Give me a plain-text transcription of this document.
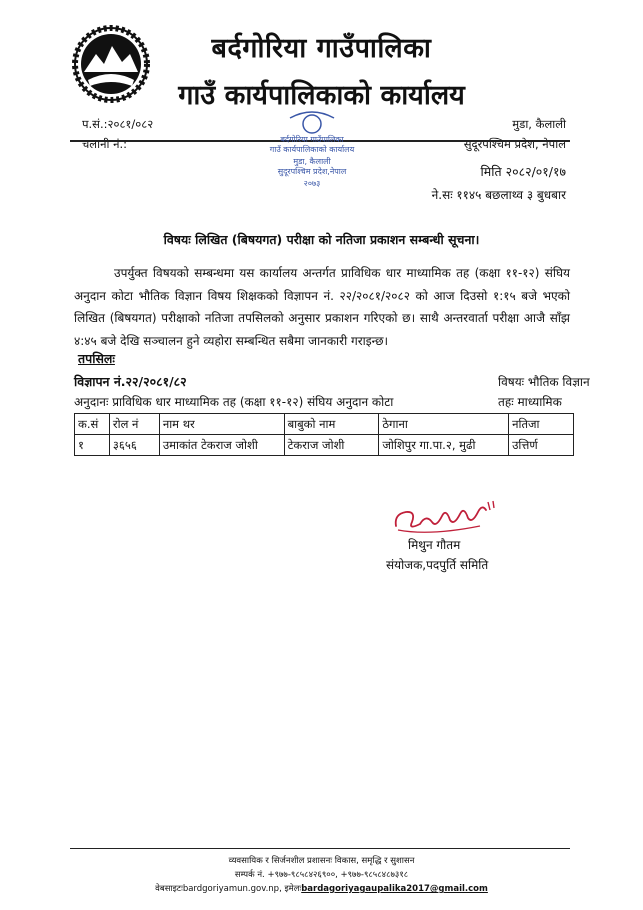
बर्दगोरिया गाउँपालिका
गाउँ कार्यपालिकाको कार्यालय
प.सं.:२०८१/०८२
चलानी नं.:
मुडा, कैलाली
सुदूरपश्चिम प्रदेश, नेपाल
बर्दगोरिया गाउँपालिका
गाउँ कार्यपालिकाको कार्यालय
मुडा, कैलाली
सुदूरपश्चिम प्रदेश,नेपाल
२०७३
मिति २०८२/०१/१७
ने.सः ११४५ बछलाथ्व ३ बुधबार
विषयः लिखित (बिषयगत) परीक्षा को नतिजा प्रकाशन सम्बन्धी सूचना।
उपर्युक्त विषयको सम्बन्धमा यस कार्यालय अन्तर्गत प्राविधिक धार माध्यामिक तह (कक्षा ११-१२) संघिय अनुदान कोटा भौतिक विज्ञान विषय शिक्षकको विज्ञापन नं. २२/२०८१/२०८२ को आज दिउसो १:१५ बजे भएको लिखित (बिषयगत) परीक्षाको नतिजा तपसिलको अनुसार प्रकाशन गरिएको छ। साथै अन्तरवार्ता परीक्षा आजै साँझ ४:४५ बजे देखि सञ्चालन हुने व्यहोरा सम्बन्धित सबैमा जानकारी गराइन्छ।
तपसिलः
विज्ञापन नं.२२/२०८१/८२	विषयः भौतिक विज्ञान
अनुदानः प्राविधिक धार माध्यामिक तह (कक्षा ११-१२) संघिय अनुदान कोटा	तहः माध्यामिक
क.सं	रोल नं	नाम थर	बाबुको नाम	ठेगाना	नतिजा
१	३६५६	उमाकांत टेकराज जोशी	टेकराज जोशी	जोशिपुर गा.पा.२, मुढी	उत्तिर्ण
मिथुन गौतम
संयोजक,पदपुर्ति समिति
व्यवसायिक र सिर्जनशील प्रशासनः विकास, समृद्धि र सुशासन
सम्पर्क नं. +९७७-९८५८४२६९००, +९७७-९८५८४८७३१८
वेबसाइटःbardgoriyamun.gov.np, इमेलःbardagoriyagaupalika2017@gmail.com
